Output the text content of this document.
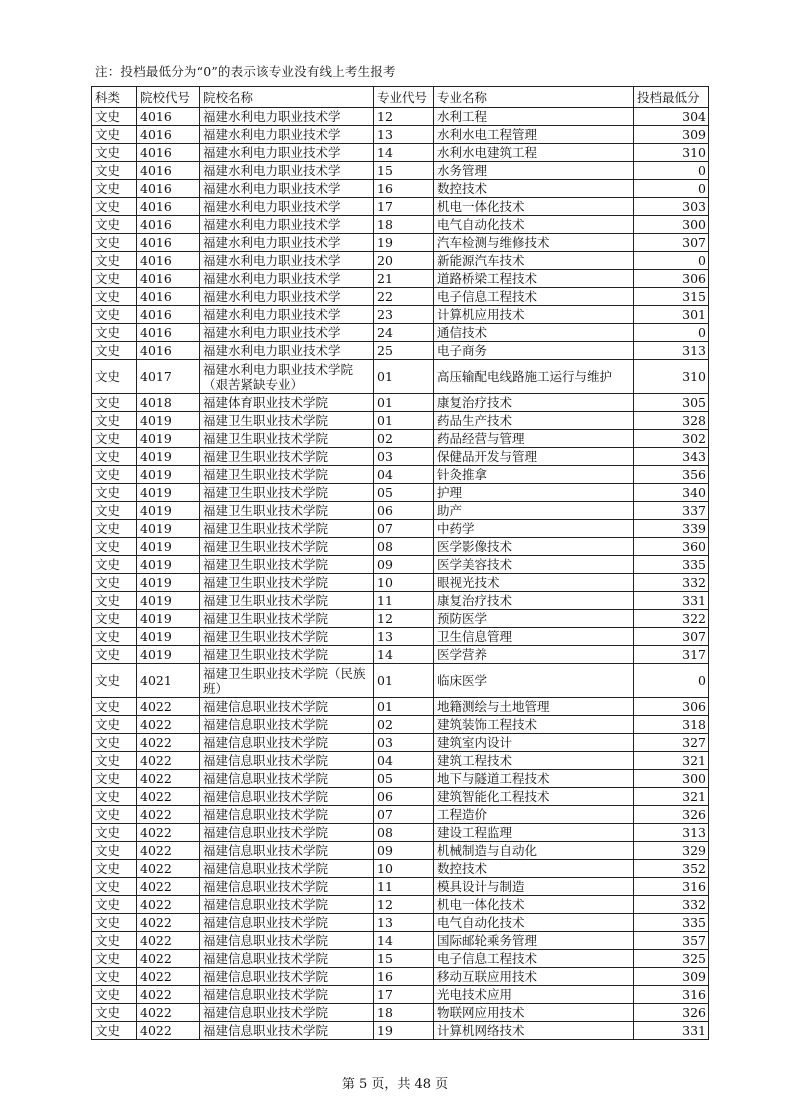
注：投档最低分为“0”的表示该专业没有线上考生报考
科类	院校代号	院校名称	专业代号	专业名称	投档最低分
文史	4016	福建水利电力职业技术学	12	水利工程	304
文史	4016	福建水利电力职业技术学	13	水利水电工程管理	309
文史	4016	福建水利电力职业技术学	14	水利水电建筑工程	310
文史	4016	福建水利电力职业技术学	15	水务管理	0
文史	4016	福建水利电力职业技术学	16	数控技术	0
文史	4016	福建水利电力职业技术学	17	机电一体化技术	303
文史	4016	福建水利电力职业技术学	18	电气自动化技术	300
文史	4016	福建水利电力职业技术学	19	汽车检测与维修技术	307
文史	4016	福建水利电力职业技术学	20	新能源汽车技术	0
文史	4016	福建水利电力职业技术学	21	道路桥梁工程技术	306
文史	4016	福建水利电力职业技术学	22	电子信息工程技术	315
文史	4016	福建水利电力职业技术学	23	计算机应用技术	301
文史	4016	福建水利电力职业技术学	24	通信技术	0
文史	4016	福建水利电力职业技术学	25	电子商务	313
文史	4017	福建水利电力职业技术学院（艰苦紧缺专业）	01	高压输配电线路施工运行与维护	310
文史	4018	福建体育职业技术学院	01	康复治疗技术	305
文史	4019	福建卫生职业技术学院	01	药品生产技术	328
文史	4019	福建卫生职业技术学院	02	药品经营与管理	302
文史	4019	福建卫生职业技术学院	03	保健品开发与管理	343
文史	4019	福建卫生职业技术学院	04	针灸推拿	356
文史	4019	福建卫生职业技术学院	05	护理	340
文史	4019	福建卫生职业技术学院	06	助产	337
文史	4019	福建卫生职业技术学院	07	中药学	339
文史	4019	福建卫生职业技术学院	08	医学影像技术	360
文史	4019	福建卫生职业技术学院	09	医学美容技术	335
文史	4019	福建卫生职业技术学院	10	眼视光技术	332
文史	4019	福建卫生职业技术学院	11	康复治疗技术	331
文史	4019	福建卫生职业技术学院	12	预防医学	322
文史	4019	福建卫生职业技术学院	13	卫生信息管理	307
文史	4019	福建卫生职业技术学院	14	医学营养	317
文史	4021	福建卫生职业技术学院（民族班）	01	临床医学	0
文史	4022	福建信息职业技术学院	01	地籍测绘与土地管理	306
文史	4022	福建信息职业技术学院	02	建筑装饰工程技术	318
文史	4022	福建信息职业技术学院	03	建筑室内设计	327
文史	4022	福建信息职业技术学院	04	建筑工程技术	321
文史	4022	福建信息职业技术学院	05	地下与隧道工程技术	300
文史	4022	福建信息职业技术学院	06	建筑智能化工程技术	321
文史	4022	福建信息职业技术学院	07	工程造价	326
文史	4022	福建信息职业技术学院	08	建设工程监理	313
文史	4022	福建信息职业技术学院	09	机械制造与自动化	329
文史	4022	福建信息职业技术学院	10	数控技术	352
文史	4022	福建信息职业技术学院	11	模具设计与制造	316
文史	4022	福建信息职业技术学院	12	机电一体化技术	332
文史	4022	福建信息职业技术学院	13	电气自动化技术	335
文史	4022	福建信息职业技术学院	14	国际邮轮乘务管理	357
文史	4022	福建信息职业技术学院	15	电子信息工程技术	325
文史	4022	福建信息职业技术学院	16	移动互联应用技术	309
文史	4022	福建信息职业技术学院	17	光电技术应用	316
文史	4022	福建信息职业技术学院	18	物联网应用技术	326
文史	4022	福建信息职业技术学院	19	计算机网络技术	331
第 5 页，共 48 页
